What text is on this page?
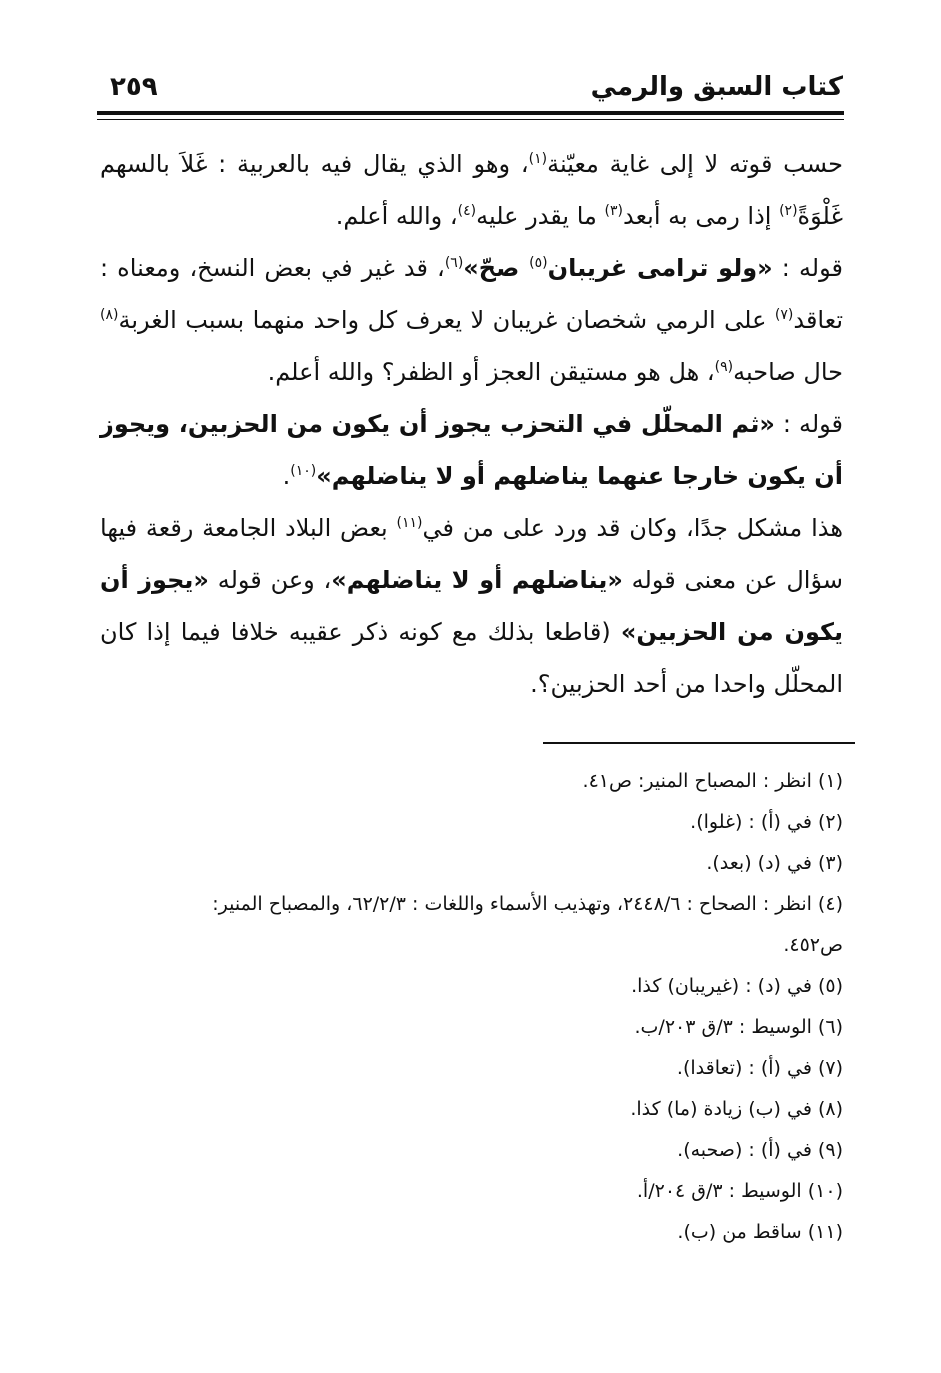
كتاب السبق والرمي
٢٥٩

حسب قوته لا إلى غاية معيّنة$^{(١)}$، وهو الذي يقال فيه بالعربية : غَلاَ بالسهم غَلْوَةً$^{(٢)}$ إذا رمى به أبعد$^{(٣)}$ ما يقدر عليه$^{(٤)}$، والله أعلم.

قوله : «ولو ترامى غريبان$^{(٥)}$ صحّ»$^{(٦)}$، قد غير في بعض النسخ، ومعناه : تعاقد$^{(٧)}$ على الرمي شخصان غريبان لا يعرف كل واحد منهما بسبب الغربة$^{(٨)}$ حال صاحبه$^{(٩)}$، هل هو مستيقن العجز أو الظفر؟ والله أعلم.

قوله : «ثم المحلّل في التحزب يجوز أن يكون من الحزبين، ويجوز أن يكون خارجا عنهما يناضلهم أو لا يناضلهم»$^{(١٠)}$.

هذا مشكل جدًا، وكان قد ورد على من في$^{(١١)}$ بعض البلاد الجامعة رقعة فيها سؤال عن معنى قوله «يناضلهم أو لا يناضلهم»، وعن قوله «يجوز أن يكون من الحزبين» (قاطعا بذلك مع كونه ذكر عقيبه خلافا فيما إذا كان المحلّل واحدا من أحد الحزبين؟.

(١) انظر : المصباح المنير: ص٤١.
(٢) في (أ) : (غلوا).
(٣) في (د) (بعد).
(٤) انظر : الصحاح : ٢٤٤٨/٦، وتهذيب الأسماء واللغات : ٦٢/٢/٣، والمصباح المنير:
ص٤٥٢.
(٥) في (د) : (غيريبان) كذا.
(٦) الوسيط : ٣/ق ٢٠٣/ب.
(٧) في (أ) : (تعاقدا).
(٨) في (ب) زيادة (ما) كذا.
(٩) في (أ) : (صحبه).
(١٠) الوسيط : ٣/ق ٢٠٤/أ.
(١١) ساقط من (ب).
